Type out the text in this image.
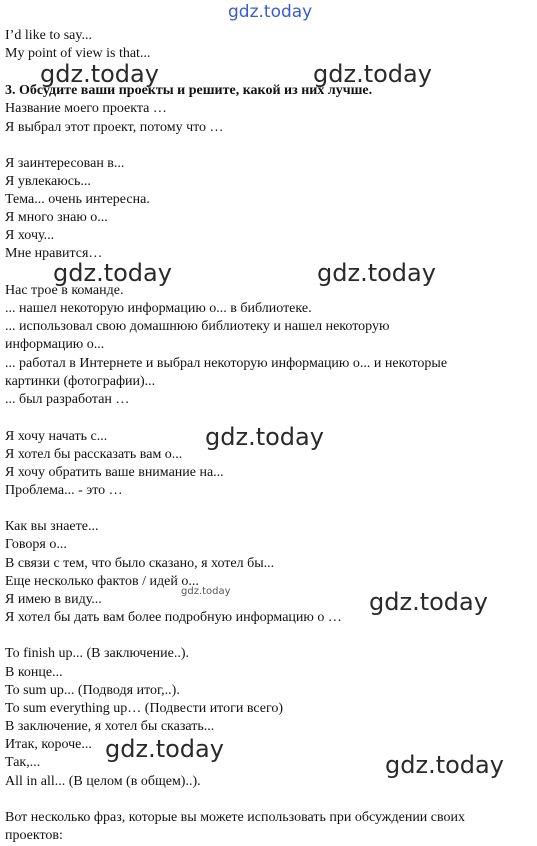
gdz.today
gdz.today	gdz.today
gdz.today	gdz.today
gdz.today
gdz.today	gdz.today
gdz.today
gdz.today
I’d like to say...
My point of view is that...
3. Обсудите ваши проекты и решите, какой из них лучше.
Название моего проекта …
Я выбрал этот проект, потому что …
Я заинтересован в...
Я увлекаюсь...
Тема... очень интересна.
Я много знаю о...
Я хочу...
Мне нравится…
Нас трое в команде.
... нашел некоторую информацию о... в библиотеке.
... использовал свою домашнюю библиотеку и нашел некоторую
информацию о...
... работал в Интернете и выбрал некоторую информацию о... и некоторые
картинки (фотографии)...
... был разработан …
Я хочу начать с...
Я хотел бы рассказать вам о...
Я хочу обратить ваше внимание на...
Проблема... - это …
Как вы знаете...
Говоря о...
В связи с тем, что было сказано, я хотел бы...
Еще несколько фактов / идей о...
Я имею в виду...
Я хотел бы дать вам более подробную информацию о …
To finish up... (В заключение..).
В конце...
To sum up... (Подводя итог,..).
To sum everything up… (Подвести итоги всего)
В заключение, я хотел бы сказать...
Итак, короче...
Так,...
All in all... (В целом (в общем)..).
Вот несколько фраз, которые вы можете использовать при обсуждении своих
проектов:
